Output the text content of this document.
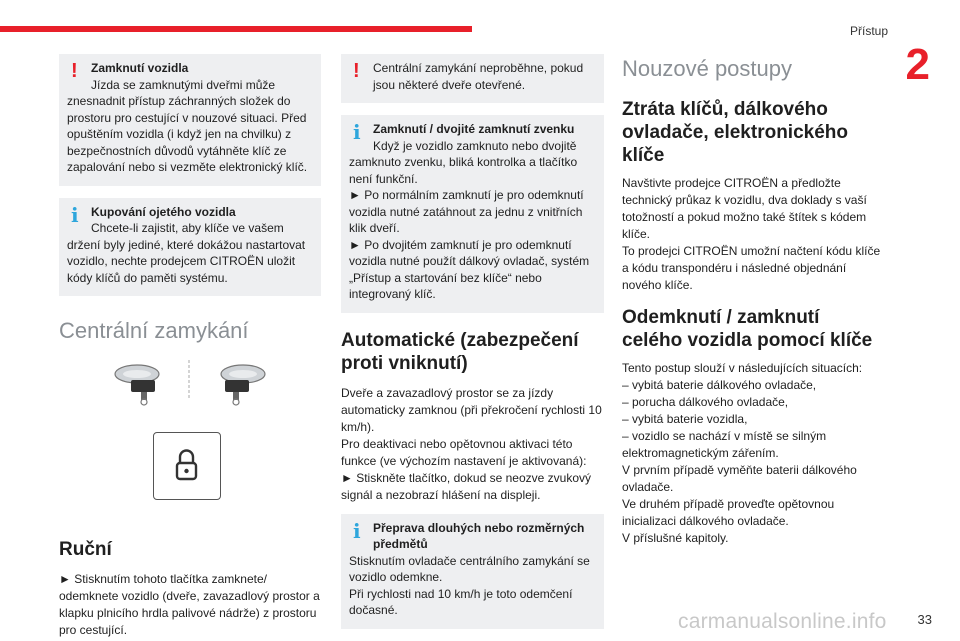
Přístup
2
!	Zamknutí vozidla
Jízda se zamknutými dveřmi může

znesnadnit přístup záchranných složek do prostoru pro cestující v nouzové situaci. Před opuštěním vozidla (i když jen na chvilku) z bezpečnostních důvodů vytáhněte klíč ze zapalování nebo si vezměte elektronický klíč.

i	Kupování ojetého vozidla
Chcete-li zajistit, aby klíče ve vašem

držení byly jediné, které dokážou nastartovat vozidlo, nechte prodejcem CITROËN uložit kódy klíčů do paměti systému.

Centrální zamykání
Ruční

► Stisknutím tohoto tlačítka zamknete/ odemknete vozidlo (dveře, zavazadlový prostor a klapku plnicího hrdla palivové nádrže) z prostoru pro cestující.

!	Centrální zamykání neproběhne, pokud jsou některé dveře otevřené.
i	Zamknutí / dvojité zamknutí zvenku
Když je vozidlo zamknuto nebo dvojitě

zamknuto zvenku, bliká kontrolka a tlačítko není funkční.

► Po normálním zamknutí je pro odemknutí vozidla nutné zatáhnout za jednu z vnitřních klik dveří.

► Po dvojitém zamknutí je pro odemknutí vozidla nutné použít dálkový ovladač, systém „Přístup a startování bez klíče“ nebo integrovaný klíč.

Automatické (zabezpečení proti vniknutí)

Dveře a zavazadlový prostor se za jízdy automaticky zamknou (při překročení rychlosti 10 km/h).

Pro deaktivaci nebo opětovnou aktivaci této funkce (ve výchozím nastavení je aktivovaná):

► Stiskněte tlačítko, dokud se neozve zvukový signál a nezobrazí hlášení na displeji.

i	Přeprava dlouhých nebo rozměrných předmětů

Stisknutím ovladače centrálního zamykání se vozidlo odemkne.

Při rychlosti nad 10 km/h je toto odemčení dočasné.

Nouzové postupy
Ztráta klíčů, dálkového ovladače, elektronického klíče

Navštivte prodejce CITROËN a předložte technický průkaz k vozidlu, dva doklady s vaší totožností a pokud možno také štítek s kódem klíče.

To prodejci CITROËN umožní načtení kódu klíče a kódu transpondéru i následné objednání nového klíče.

Odemknutí / zamknutí celého vozidla pomocí klíče

Tento postup slouží v následujících situacích:

– vybitá baterie dálkového ovladače,

– porucha dálkového ovladače,

– vybitá baterie vozidla,

– vozidlo se nachází v místě se silným elektromagnetickým zářením.

V prvním případě vyměňte baterii dálkového ovladače.

Ve druhém případě proveďte opětovnou inicializaci dálkového ovladače.

V příslušné kapitoly.

carmanualsonline.info 33
